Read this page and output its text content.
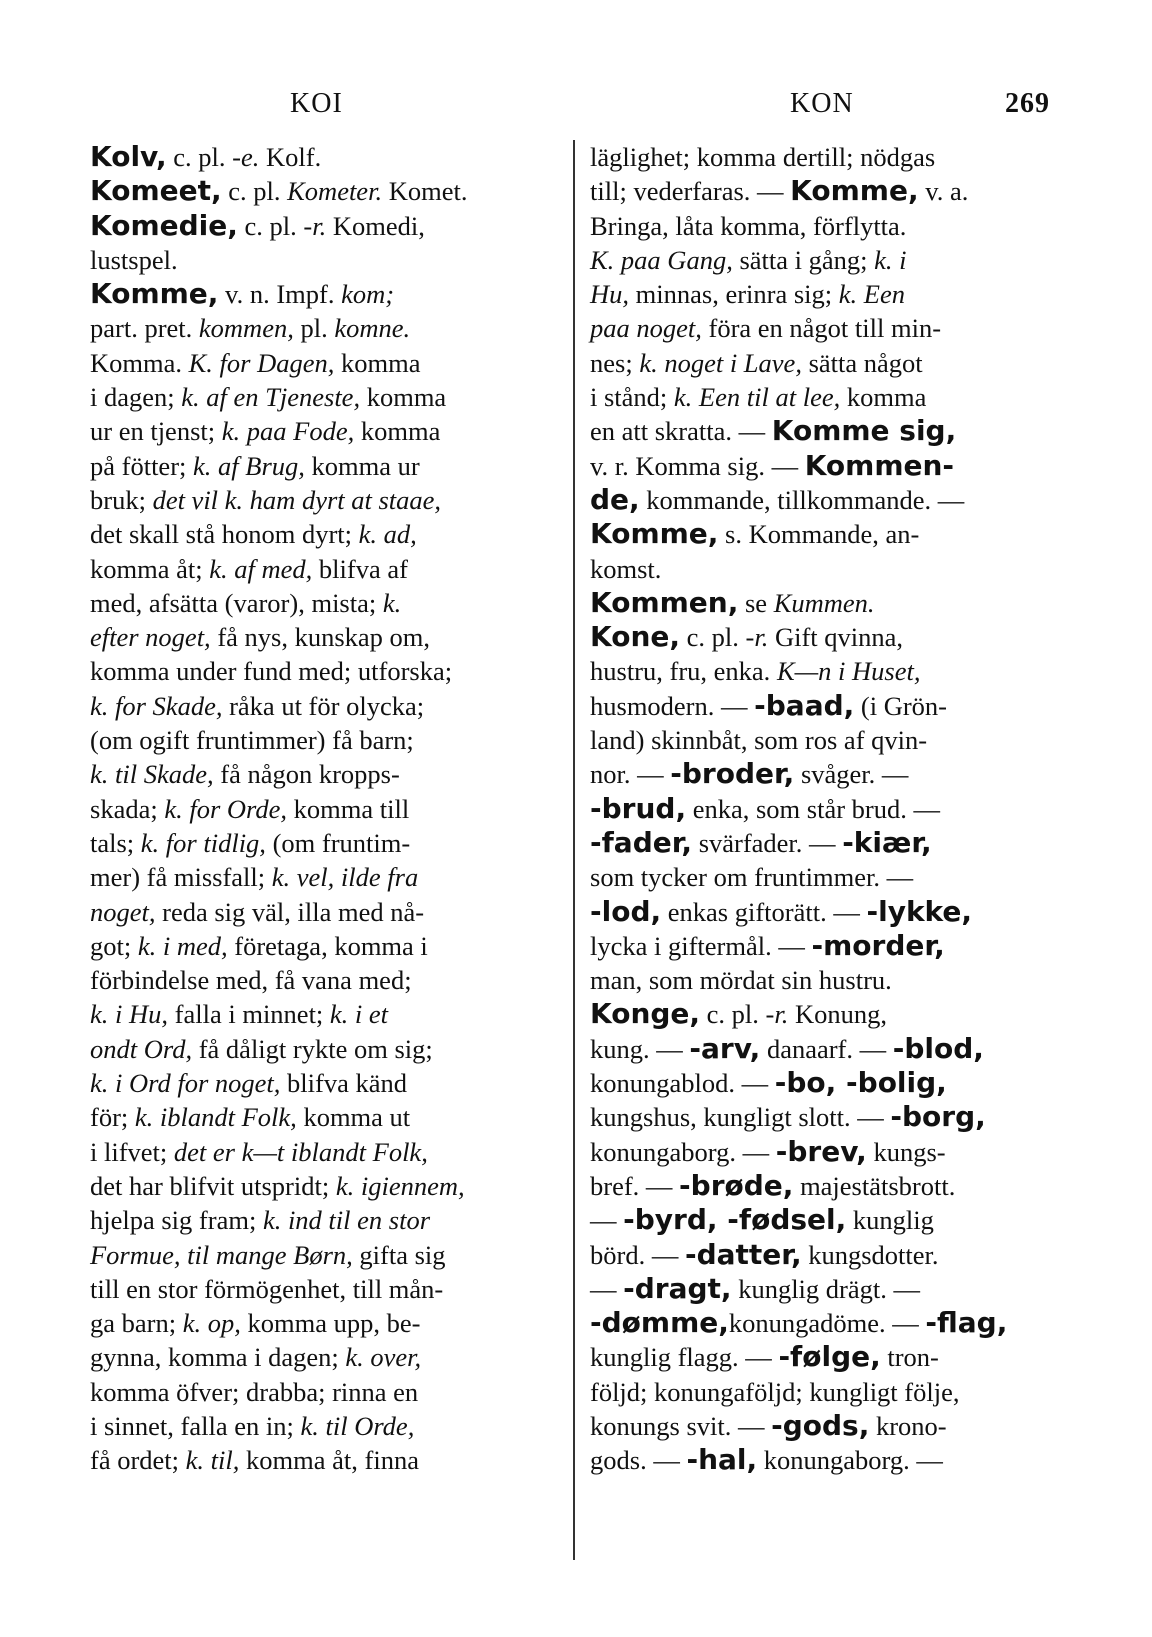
KOI	KON	269
Kolv, c. pl. -e. Kolf.
Komeet, c. pl. Kometer. Komet.
Komedie, c. pl. -r. Komedi,
lustspel.
Komme, v. n. Impf. kom;
part. pret. kommen, pl. komne.
Komma. K. for Dagen, komma
i dagen; k. af en Tjeneste, komma
ur en tjenst; k. paa Fode, komma
på fötter; k. af Brug, komma ur
bruk; det vil k. ham dyrt at staae,
det skall stå honom dyrt; k. ad,
komma åt; k. af med, blifva af
med, afsätta (varor), mista; k.
efter noget, få nys, kunskap om,
komma under fund med; utforska;
k. for Skade, råka ut för olycka;
(om ogift fruntimmer) få barn;
k. til Skade, få någon kropps-
skada; k. for Orde, komma till
tals; k. for tidlig, (om fruntim-
mer) få missfall; k. vel, ilde fra
noget, reda sig väl, illa med nå-
got; k. i med, företaga, komma i
förbindelse med, få vana med;
k. i Hu, falla i minnet; k. i et
ondt Ord, få dåligt rykte om sig;
k. i Ord for noget, blifva känd
för; k. iblandt Folk, komma ut
i lifvet; det er k—t iblandt Folk,
det har blifvit utspridt; k. igiennem,
hjelpa sig fram; k. ind til en stor
Formue, til mange Børn, gifta sig
till en stor förmögenhet, till mån-
ga barn; k. op, komma upp, be-
gynna, komma i dagen; k. over,
komma öfver; drabba; rinna en
i sinnet, falla en in; k. til Orde,
få ordet; k. til, komma åt, finna
läglighet; komma dertill; nödgas
till; vederfaras. — Komme, v. a.
Bringa, låta komma, förflytta.
K. paa Gang, sätta i gång; k. i
Hu, minnas, erinra sig; k. Een
paa noget, föra en något till min-
nes; k. noget i Lave, sätta något
i stånd; k. Een til at lee, komma
en att skratta. — Komme sig,
v. r. Komma sig. — Kommen-
de, kommande, tillkommande. —
Komme, s. Kommande, an-
komst.
Kommen, se Kummen.
Kone, c. pl. -r. Gift qvinna,
hustru, fru, enka. K—n i Huset,
husmodern. — -baad, (i Grön-
land) skinnbåt, som ros af qvin-
nor. — -broder, svåger. —
-brud, enka, som står brud. —
-fader, svärfader. — -kiær,
som tycker om fruntimmer. —
-lod, enkas giftorätt. — -lykke,
lycka i giftermål. — -morder,
man, som mördat sin hustru.
Konge, c. pl. -r. Konung,
kung. — -arv, danaarf. — -blod,
konungablod. — -bo, -bolig,
kungshus, kungligt slott. — -borg,
konungaborg. — -brev, kungs-
bref. — -brøde, majestätsbrott.
— -byrd, -fødsel, kunglig
börd. — -datter, kungsdotter.
— -dragt, kunglig drägt. —
-dømme,konungadöme. — -flag,
kunglig flagg. — -følge, tron-
följd; konungaföljd; kungligt följe,
konungs svit. — -gods, krono-
gods. — -hal, konungaborg. —
